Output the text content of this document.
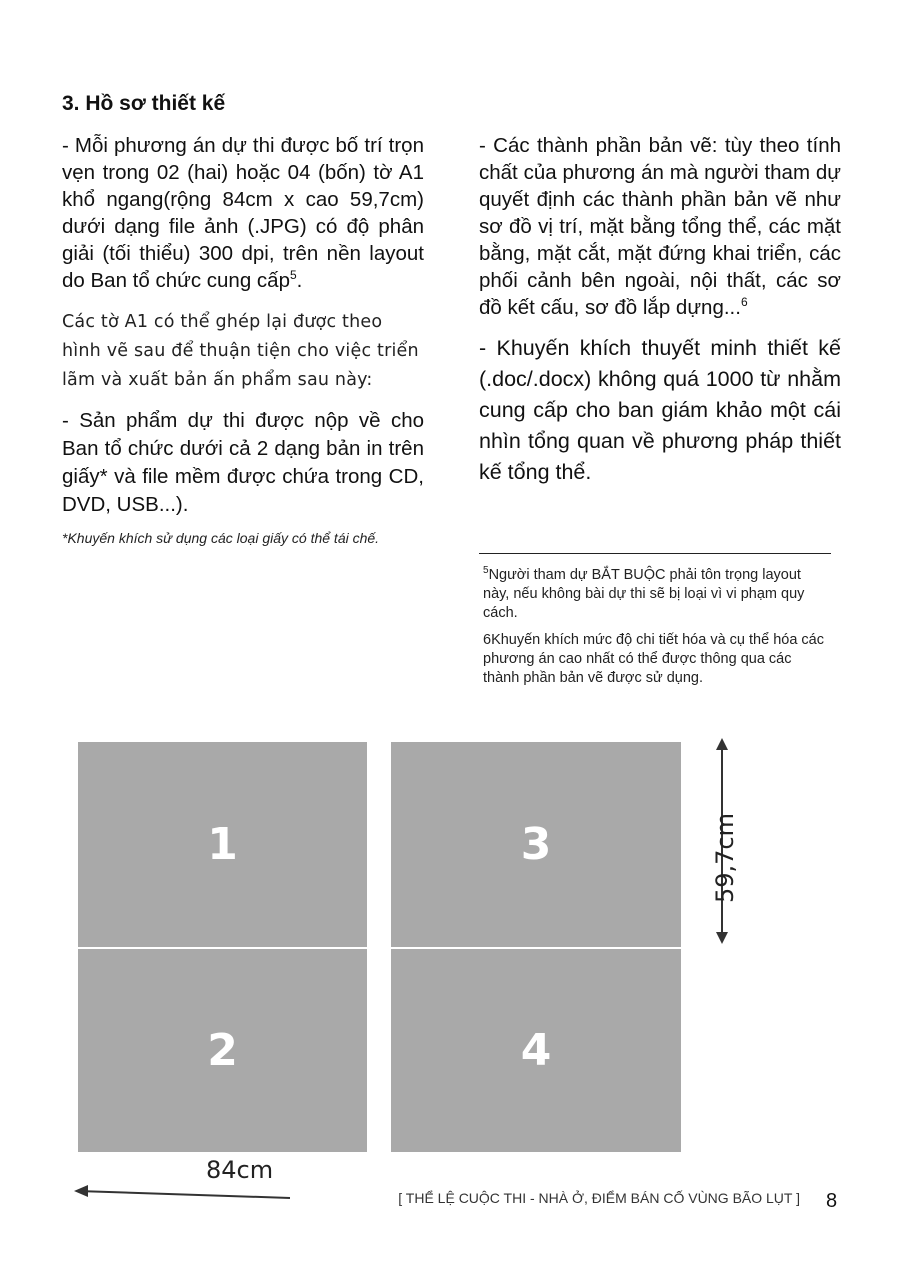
3. Hồ sơ thiết kế

- Mỗi phương án dự thi được bố trí trọn vẹn trong 02 (hai) hoặc 04 (bốn) tờ A1 khổ ngang(rộng 84cm x cao 59,7cm) dưới dạng file ảnh (.JPG) có độ phân giải (tối thiểu) 300 dpi, trên nền layout do Ban tổ chức cung cấp$^5$.

Các tờ A1 có thể ghép lại được theo hình vẽ sau để thuận tiện cho việc triển lãm và xuất bản ấn phẩm sau này:

- Sản phẩm dự thi được nộp về cho Ban tổ chức dưới cả 2 dạng bản in trên giấy* và file mềm được chứa trong CD, DVD, USB...).

*Khuyến khích sử dụng các loại giấy có thể tái chế.

- Các thành phần bản vẽ: tùy theo tính chất của phương án mà người tham dự quyết định các thành phần bản vẽ như sơ đồ vị trí, mặt bằng tổng thể, các mặt bằng, mặt cắt, mặt đứng khai triển, các phối cảnh bên ngoài, nội thất, các sơ đồ kết cấu, sơ đồ lắp dựng...$^6$

- Khuyến khích thuyết minh thiết kế (.doc/.docx) không quá 1000 từ nhằm cung cấp cho ban giám khảo một cái nhìn tổng quan về phương pháp thiết kế tổng thể.

$^5$Người tham dự BẮT BUỘC phải tôn trọng layout này, nếu không bài dự thi sẽ bị loại vì vi phạm quy cách.

6Khuyến khích mức độ chi tiết hóa và cụ thể hóa các phương án cao nhất có thể được thông qua các thành phần bản vẽ được sử dụng.

1
2
3
4
84cm
59,7cm
[ THỂ LỆ CUỘC THI - NHÀ Ở, ĐIỂM BÁN CỐ VÙNG BÃO LỤT ] 8
